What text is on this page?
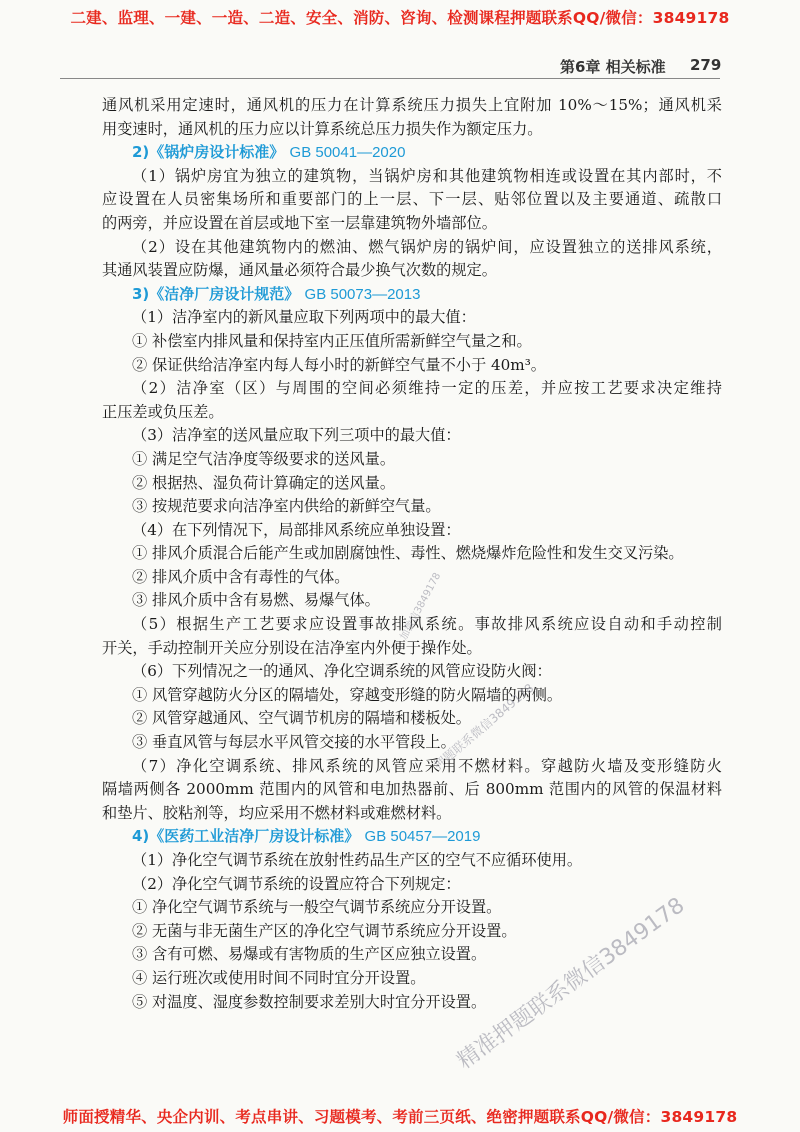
二建、监理、一建、一造、二造、安全、消防、咨询、检测课程押题联系QQ/微信：3849178
第6章 相关标准 279
通风机采用定速时，通风机的压力在计算系统压力损失上宜附加 10%～15%；通风机采
用变速时，通风机的压力应以计算系统总压力损失作为额定压力。
2)《锅炉房设计标准》 GB 50041—2020
（1）锅炉房宜为独立的建筑物，当锅炉房和其他建筑物相连或设置在其内部时，不
应设置在人员密集场所和重要部门的上一层、下一层、贴邻位置以及主要通道、疏散口
的两旁，并应设置在首层或地下室一层靠建筑物外墙部位。
（2）设在其他建筑物内的燃油、燃气锅炉房的锅炉间，应设置独立的送排风系统，
其通风装置应防爆，通风量必须符合最少换气次数的规定。
3)《洁净厂房设计规范》 GB 50073—2013
（1）洁净室内的新风量应取下列两项中的最大值：
① 补偿室内排风量和保持室内正压值所需新鲜空气量之和。
② 保证供给洁净室内每人每小时的新鲜空气量不小于 40m³。
（2）洁净室（区）与周围的空间必须维持一定的压差，并应按工艺要求决定维持
正压差或负压差。
（3）洁净室的送风量应取下列三项中的最大值：
① 满足空气洁净度等级要求的送风量。
② 根据热、湿负荷计算确定的送风量。
③ 按规范要求向洁净室内供给的新鲜空气量。
（4）在下列情况下，局部排风系统应单独设置：
① 排风介质混合后能产生或加剧腐蚀性、毒性、燃烧爆炸危险性和发生交叉污染。
② 排风介质中含有毒性的气体。
③ 排风介质中含有易燃、易爆气体。
（5）根据生产工艺要求应设置事故排风系统。事故排风系统应设自动和手动控制
开关，手动控制开关应分别设在洁净室内外便于操作处。
（6）下列情况之一的通风、净化空调系统的风管应设防火阀：
① 风管穿越防火分区的隔墙处，穿越变形缝的防火隔墙的两侧。
② 风管穿越通风、空气调节机房的隔墙和楼板处。
③ 垂直风管与每层水平风管交接的水平管段上。
（7）净化空调系统、排风系统的风管应采用不燃材料。穿越防火墙及变形缝防火
隔墙两侧各 2000mm 范围内的风管和电加热器前、后 800mm 范围内的风管的保温材料
和垫片、胶粘剂等，均应采用不燃材料或难燃材料。
4)《医药工业洁净厂房设计标准》 GB 50457—2019
（1）净化空气调节系统在放射性药品生产区的空气不应循环使用。
（2）净化空气调节系统的设置应符合下列规定：
① 净化空气调节系统与一般空气调节系统应分开设置。
② 无菌与非无菌生产区的净化空气调节系统应分开设置。
③ 含有可燃、易爆或有害物质的生产区应独立设置。
④ 运行班次或使用时间不同时宜分开设置。
⑤ 对温度、湿度参数控制要求差别大时宜分开设置。
加微信3849178
押题联系微信3849178
精准押题联系微信3849178
师面授精华、央企内训、考点串讲、习题模考、考前三页纸、绝密押题联系QQ/微信：3849178
